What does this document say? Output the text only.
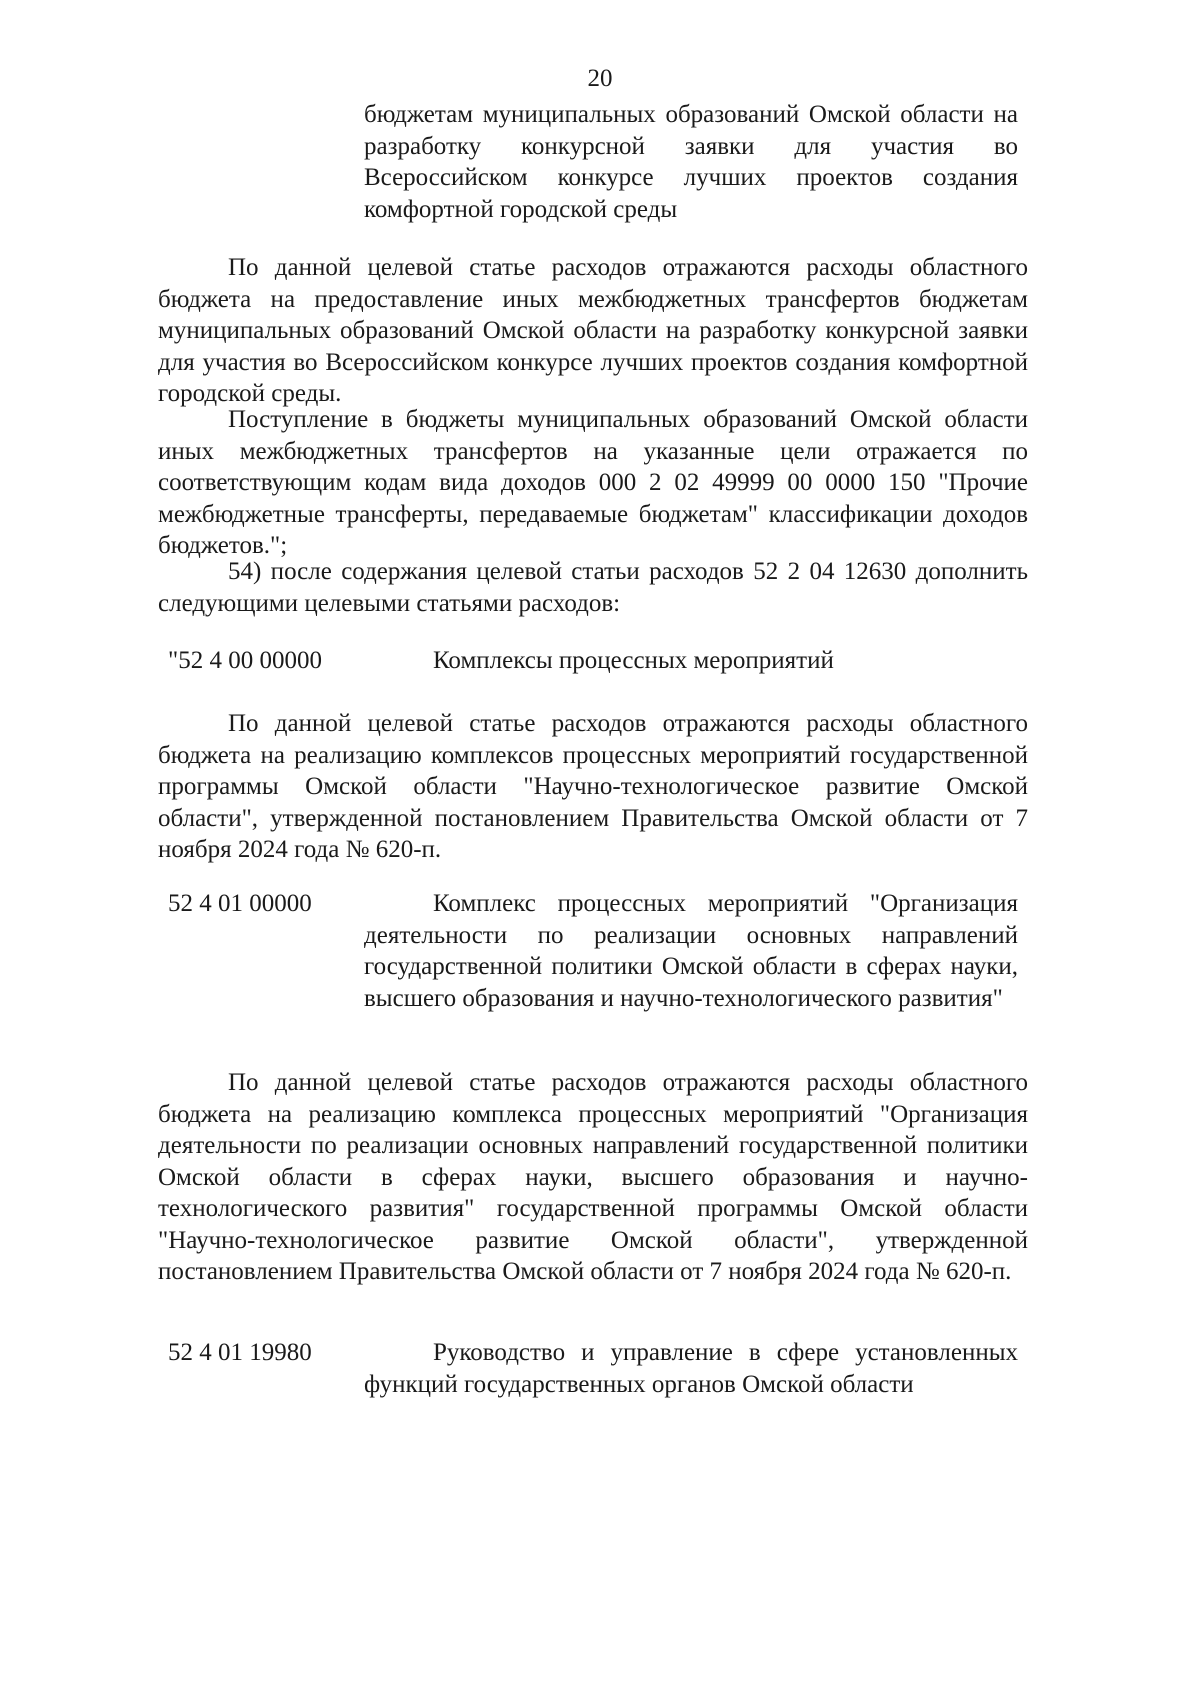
20

бюджетам муниципальных образований Омской области на разработку конкурсной заявки для участия во Всероссийском конкурсе лучших проектов создания комфортной городской среды

По данной целевой статье расходов отражаются расходы областного бюджета на предоставление иных межбюджетных трансфертов бюджетам муниципальных образований Омской области на разработку конкурсной заявки для участия во Всероссийском конкурсе лучших проектов создания комфортной городской среды.

Поступление в бюджеты муниципальных образований Омской области иных межбюджетных трансфертов на указанные цели отражается по соответствующим кодам вида доходов 000 2 02 49999 00 0000 150 "Прочие межбюджетные трансферты, передаваемые бюджетам" классификации доходов бюджетов.";

54) после содержания целевой статьи расходов 52 2 04 12630 дополнить следующими целевыми статьями расходов:

"52 4 00 00000	Комплексы процессных мероприятий

По данной целевой статье расходов отражаются расходы областного бюджета на реализацию комплексов процессных мероприятий государственной программы Омской области "Научно-технологическое развитие Омской области", утвержденной постановлением Правительства Омской области от 7 ноября 2024 года № 620-п.

52 4 01 00000	Комплекс процессных мероприятий "Организация деятельности по реализации основных направлений государственной политики Омской области в сферах науки, высшего образования и научно-технологического развития"

По данной целевой статье расходов отражаются расходы областного бюджета на реализацию комплекса процессных мероприятий "Организация деятельности по реализации основных направлений государственной политики Омской области в сферах науки, высшего образования и научно-технологического развития" государственной программы Омской области "Научно-технологическое развитие Омской области", утвержденной постановлением Правительства Омской области от 7 ноября 2024 года № 620-п.

52 4 01 19980	Руководство и управление в сфере установленных функций государственных органов Омской области
